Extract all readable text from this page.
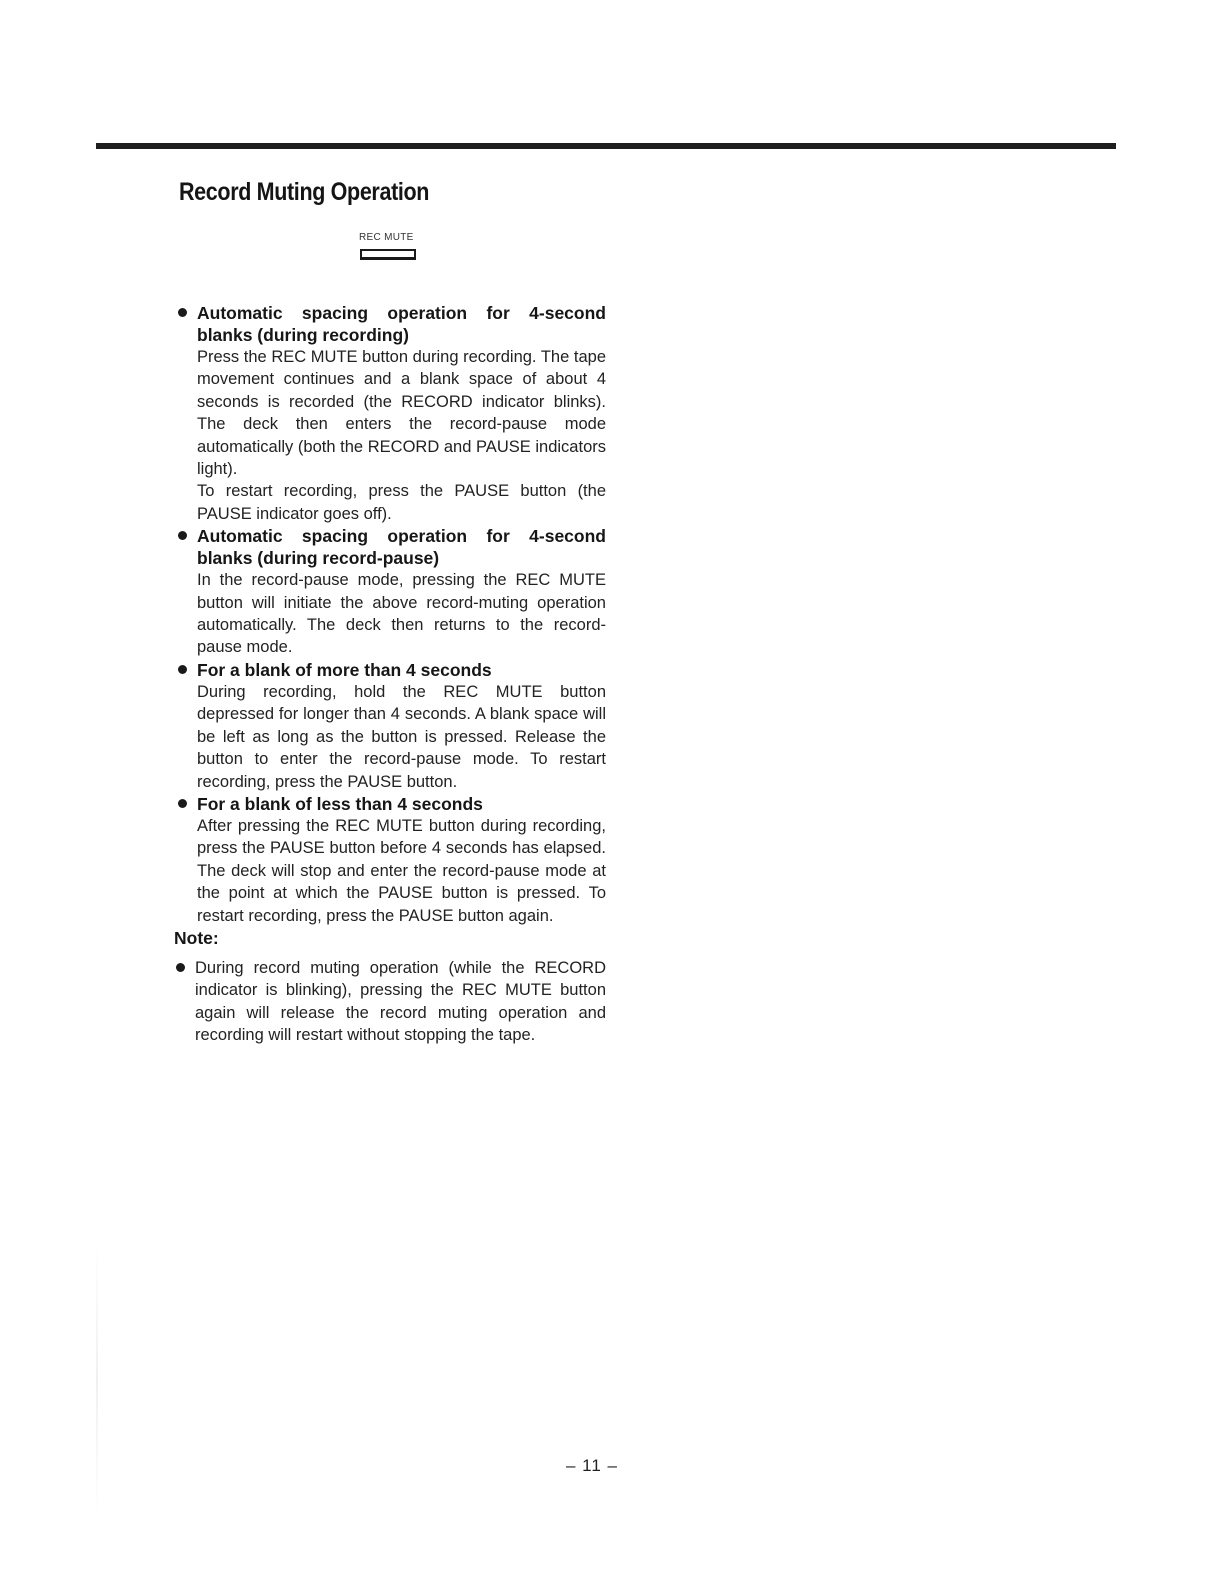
Record Muting Operation
REC MUTE
Automatic spacing operation for 4-second blanks (during recording)
Press the REC MUTE button during recording. The tape movement continues and a blank space of about 4 seconds is recorded (the RECORD indicator blinks). The deck then enters the record-pause mode automatically (both the RECORD and PAUSE indicators light).
To restart recording, press the PAUSE button (the PAUSE indicator goes off).
Automatic spacing operation for 4-second blanks (during record-pause)
In the record-pause mode, pressing the REC MUTE button will initiate the above record-muting operation automatically. The deck then returns to the record-pause mode.
For a blank of more than 4 seconds
During recording, hold the REC MUTE button depressed for longer than 4 seconds. A blank space will be left as long as the button is pressed. Release the button to enter the record-pause mode. To restart recording, press the PAUSE button.
For a blank of less than 4 seconds
After pressing the REC MUTE button during recording, press the PAUSE button before 4 seconds has elapsed. The deck will stop and enter the record-pause mode at the point at which the PAUSE button is pressed. To restart recording, press the PAUSE button again.
Note:
During record muting operation (while the RECORD indicator is blinking), pressing the REC MUTE button again will release the record muting operation and recording will restart without stopping the tape.
– 11 –
